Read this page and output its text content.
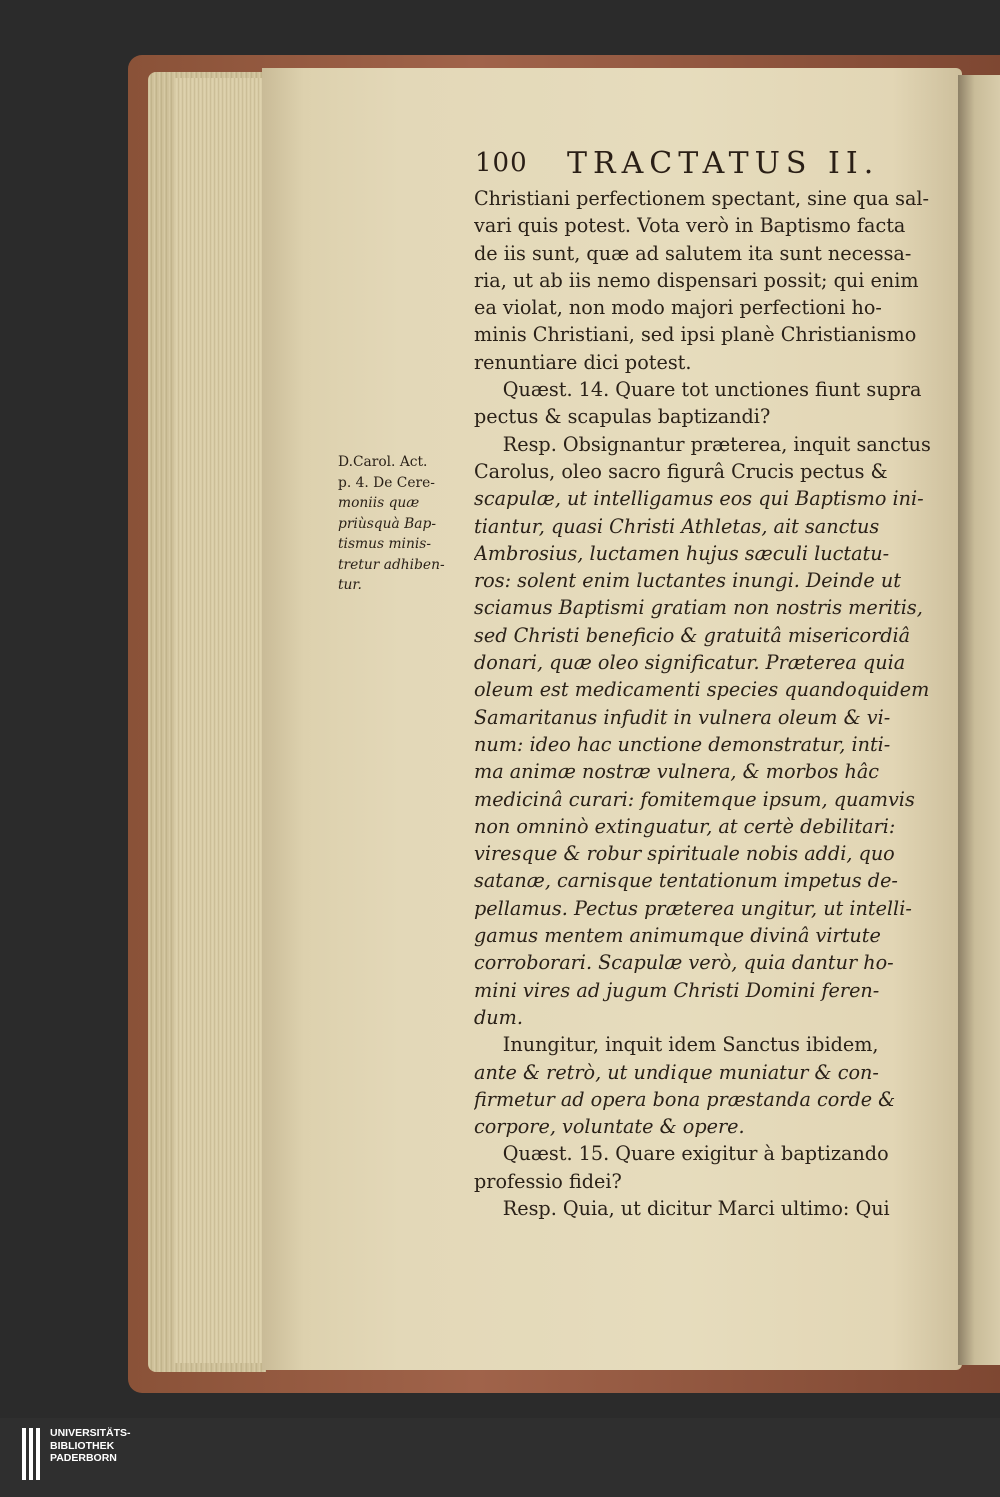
100 TRACTATUS II.
Christiani perfectionem spectant, sine qua sal-
vari quis potest. Vota verò in Baptismo facta
de iis sunt, quæ ad salutem ita sunt necessa-
ria, ut ab iis nemo dispensari possit; qui enim
ea violat, non modo majori perfectioni ho-
minis Christiani, sed ipsi planè Christianismo
renuntiare dici potest.
  Quæst. 14. Quare tot unctiones fiunt supra
pectus & scapulas baptizandi?
  Resp. Obsignantur præterea, inquit sanctus
Carolus, oleo sacro figurâ Crucis pectus &
scapulæ, ut intelligamus eos qui Baptismo ini-
tiantur, quasi Christi Athletas, ait sanctus
Ambrosius, luctamen hujus sæculi luctatu-
ros: solent enim luctantes inungi. Deinde ut
sciamus Baptismi gratiam non nostris meritis,
sed Christi beneficio & gratuitâ misericordiâ
donari, quæ oleo significatur. Præterea quia
oleum est medicamenti species quandoquidem
Samaritanus infudit in vulnera oleum & vi-
num: ideo hac unctione demonstratur, inti-
ma animæ nostræ vulnera, & morbos hâc
medicinâ curari: fomitemque ipsum, quamvis
non omninò extinguatur, at certè debilitari:
viresque & robur spirituale nobis addi, quo
satanæ, carnisque tentationum impetus de-
pellamus. Pectus præterea ungitur, ut intelli-
gamus mentem animumque divinâ virtute
corroborari. Scapulæ verò, quia dantur ho-
mini vires ad jugum Christi Domini feren-
dum.
  Inungitur, inquit idem Sanctus ibidem,
ante & retrò, ut undique muniatur & con-
firmetur ad opera bona præstanda corde &
corpore, voluntate & opere.
  Quæst. 15. Quare exigitur à baptizando
professio fidei?
  Resp. Quia, ut dicitur Marci ultimo: Qui
D.Carol. Act.
p. 4. De Cere-
moniis quæ
priùsquà Bap-
tismus minis-
tretur adhiben-
tur.
UNIVERSITÄTS-
BIBLIOTHEK
PADERBORN
